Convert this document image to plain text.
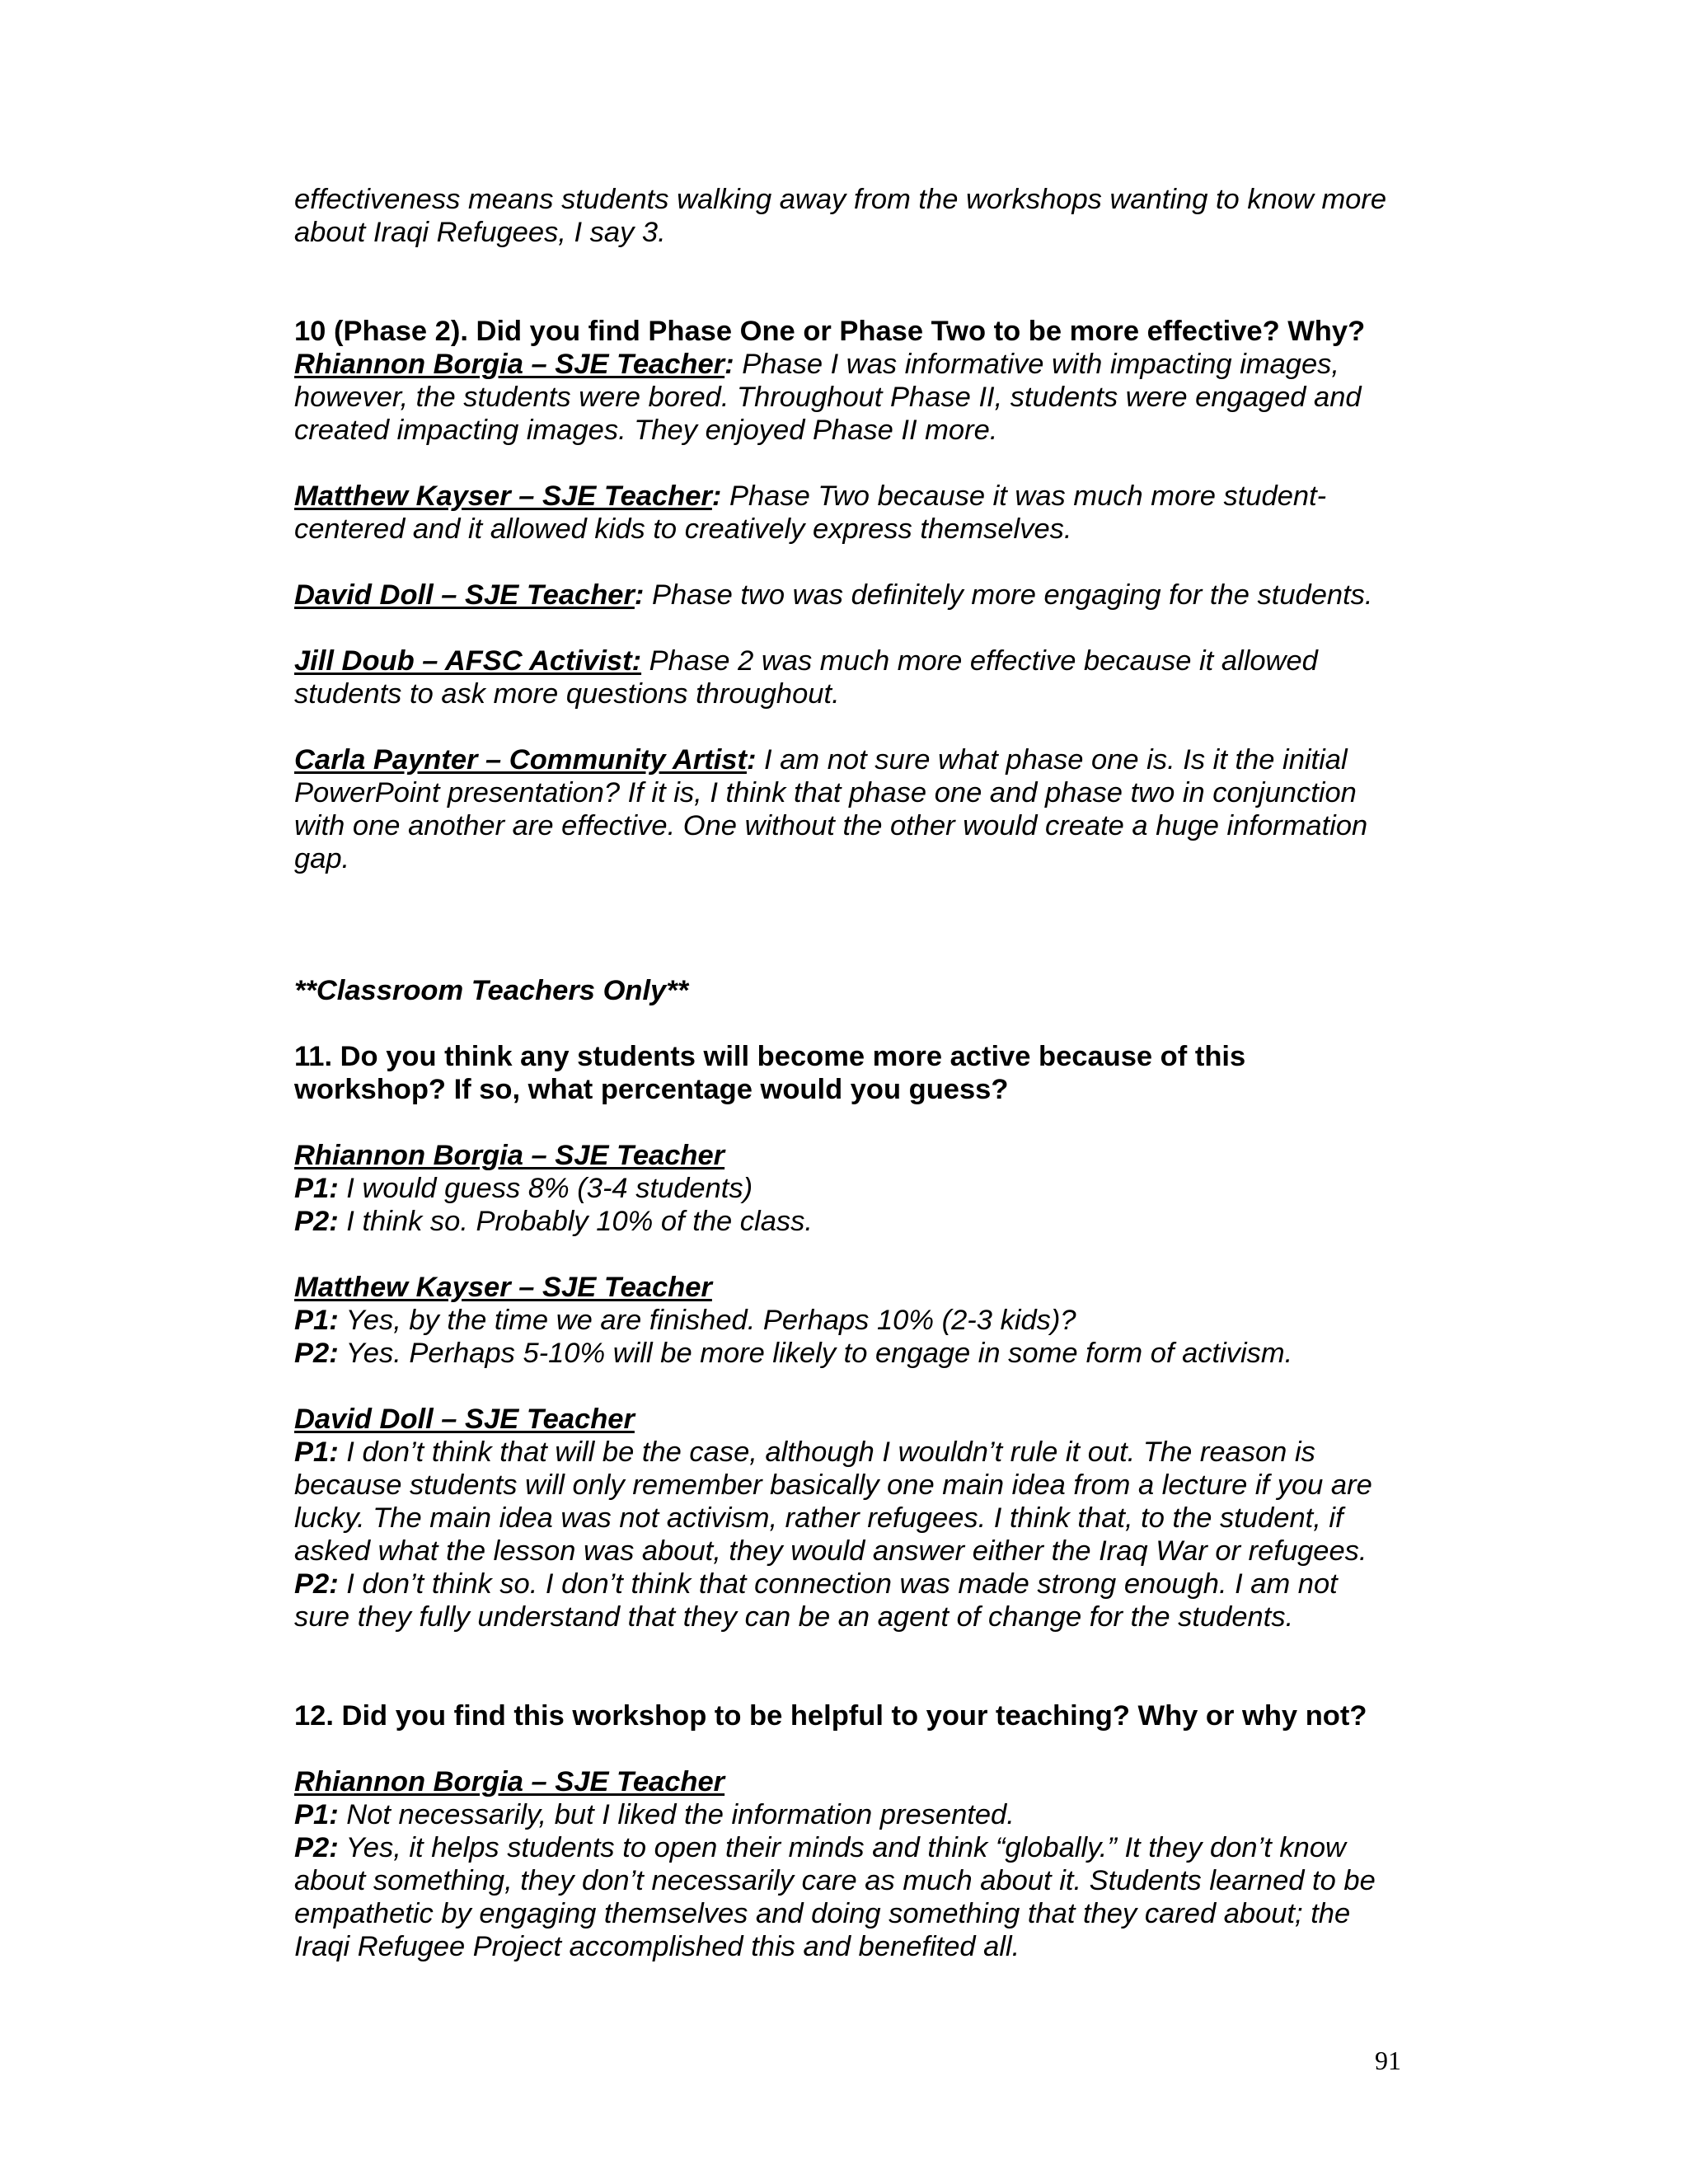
effectiveness means students walking away from the workshops wanting to know more
about Iraqi Refugees, I say 3.
10 (Phase 2). Did you find Phase One or Phase Two to be more effective? Why?
Rhiannon Borgia – SJE Teacher: Phase I was informative with impacting images,
however, the students were bored. Throughout Phase II, students were engaged and
created impacting images. They enjoyed Phase II more.
Matthew Kayser – SJE Teacher: Phase Two because it was much more student-
centered and it allowed kids to creatively express themselves.
David Doll – SJE Teacher: Phase two was definitely more engaging for the students.
Jill Doub – AFSC Activist: Phase 2 was much more effective because it allowed
students to ask more questions throughout.
Carla Paynter – Community Artist: I am not sure what phase one is. Is it the initial
PowerPoint presentation? If it is, I think that phase one and phase two in conjunction
with one another are effective. One without the other would create a huge information
gap.
**Classroom Teachers Only**
11. Do you think any students will become more active because of this
workshop? If so, what percentage would you guess?
Rhiannon Borgia – SJE Teacher
P1: I would guess 8% (3-4 students)
P2: I think so. Probably 10% of the class.
Matthew Kayser – SJE Teacher
P1: Yes, by the time we are finished. Perhaps 10% (2-3 kids)?
P2: Yes. Perhaps 5-10% will be more likely to engage in some form of activism.
David Doll – SJE Teacher
P1: I don’t think that will be the case, although I wouldn’t rule it out. The reason is
because students will only remember basically one main idea from a lecture if you are
lucky. The main idea was not activism, rather refugees. I think that, to the student, if
asked what the lesson was about, they would answer either the Iraq War or refugees.
P2: I don’t think so. I don’t think that connection was made strong enough. I am not
sure they fully understand that they can be an agent of change for the students.
12. Did you find this workshop to be helpful to your teaching? Why or why not?
Rhiannon Borgia – SJE Teacher
P1: Not necessarily, but I liked the information presented.
P2: Yes, it helps students to open their minds and think “globally.” It they don’t know
about something, they don’t necessarily care as much about it. Students learned to be
empathetic by engaging themselves and doing something that they cared about; the
Iraqi Refugee Project accomplished this and benefited all.
91
